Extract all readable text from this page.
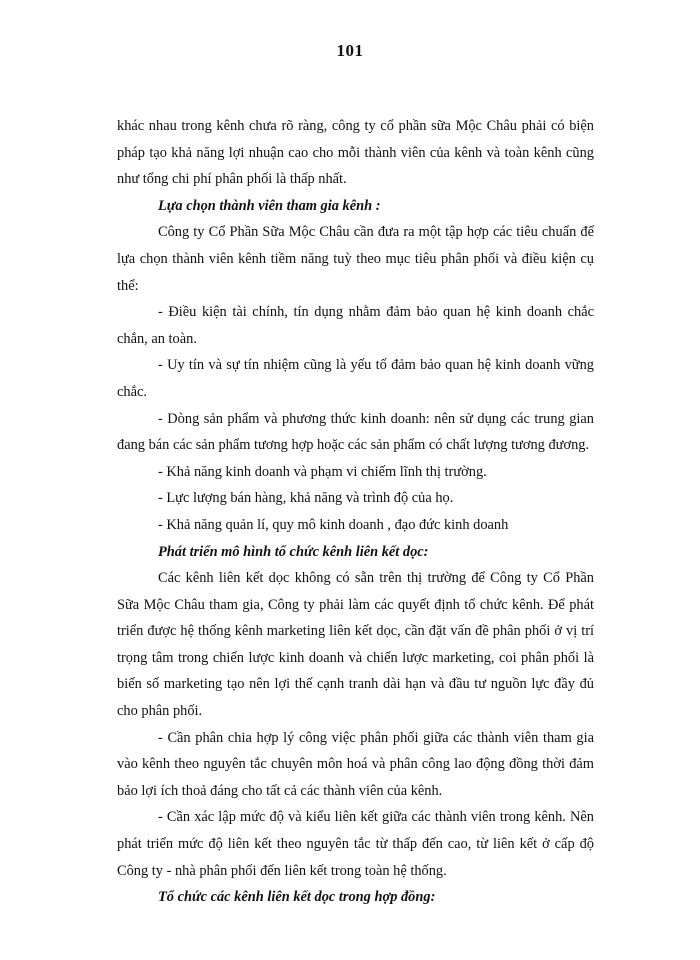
101

khác nhau trong kênh chưa rõ ràng, công ty cổ phần sữa Mộc Châu phải có biện pháp tạo khả năng lợi nhuận cao cho mỗi thành viên của kênh và toàn kênh cũng như tổng chi phí phân phối là thấp nhất.

Lựa chọn thành viên tham gia kênh :

Công ty Cổ Phần Sữa Mộc Châu cần đưa ra một tập hợp các tiêu chuẩn để lựa chọn thành viên kênh tiềm năng tuỳ theo mục tiêu phân phối và điều kiện cụ thể:

- Điều kiện tài chính, tín dụng nhằm đảm bảo quan hệ kinh doanh chắc chắn, an toàn.

- Uy tín và sự tín nhiệm cũng là yếu tố đảm bảo quan hệ kinh doanh vững chắc.

- Dòng sản phẩm và phương thức kinh doanh: nên sử dụng các trung gian đang bán các sản phẩm tương hợp hoặc các sản phẩm có chất lượng tương đương.

- Khả năng kinh doanh và phạm vi chiếm lĩnh thị trường.

- Lực lượng bán hàng, khả năng và trình độ của họ.

- Khả năng quản lí, quy mô kinh doanh , đạo đức kinh doanh

Phát triển mô hình tổ chức kênh liên kết dọc:

Các kênh liên kết dọc không có sẵn trên thị trường để Công ty Cổ Phần Sữa Mộc Châu tham gia, Công ty phải làm các quyết định tổ chức kênh. Để phát triển được hệ thống kênh marketing liên kết dọc, cần đặt vấn đề phân phối ở vị trí trọng tâm trong chiến lược kinh doanh và chiến lược marketing, coi phân phối là biến số marketing tạo nên lợi thế cạnh tranh dài hạn và đầu tư nguồn lực đầy đủ cho phân phối.

- Cần phân chia hợp lý công việc phân phối giữa các thành viên tham gia vào kênh theo nguyên tắc chuyên môn hoá và phân công lao động đồng thời đảm bảo lợi ích thoả đáng cho tất cả các thành viên của kênh.

- Cần xác lập mức độ và kiểu liên kết giữa các thành viên trong kênh. Nên phát triển mức độ liên kết theo nguyên tắc từ thấp đến cao, từ liên kết ở cấp độ Công ty - nhà phân phối đến liên kết trong toàn hệ thống.

Tổ chức các kênh liên kết dọc trong hợp đồng:
